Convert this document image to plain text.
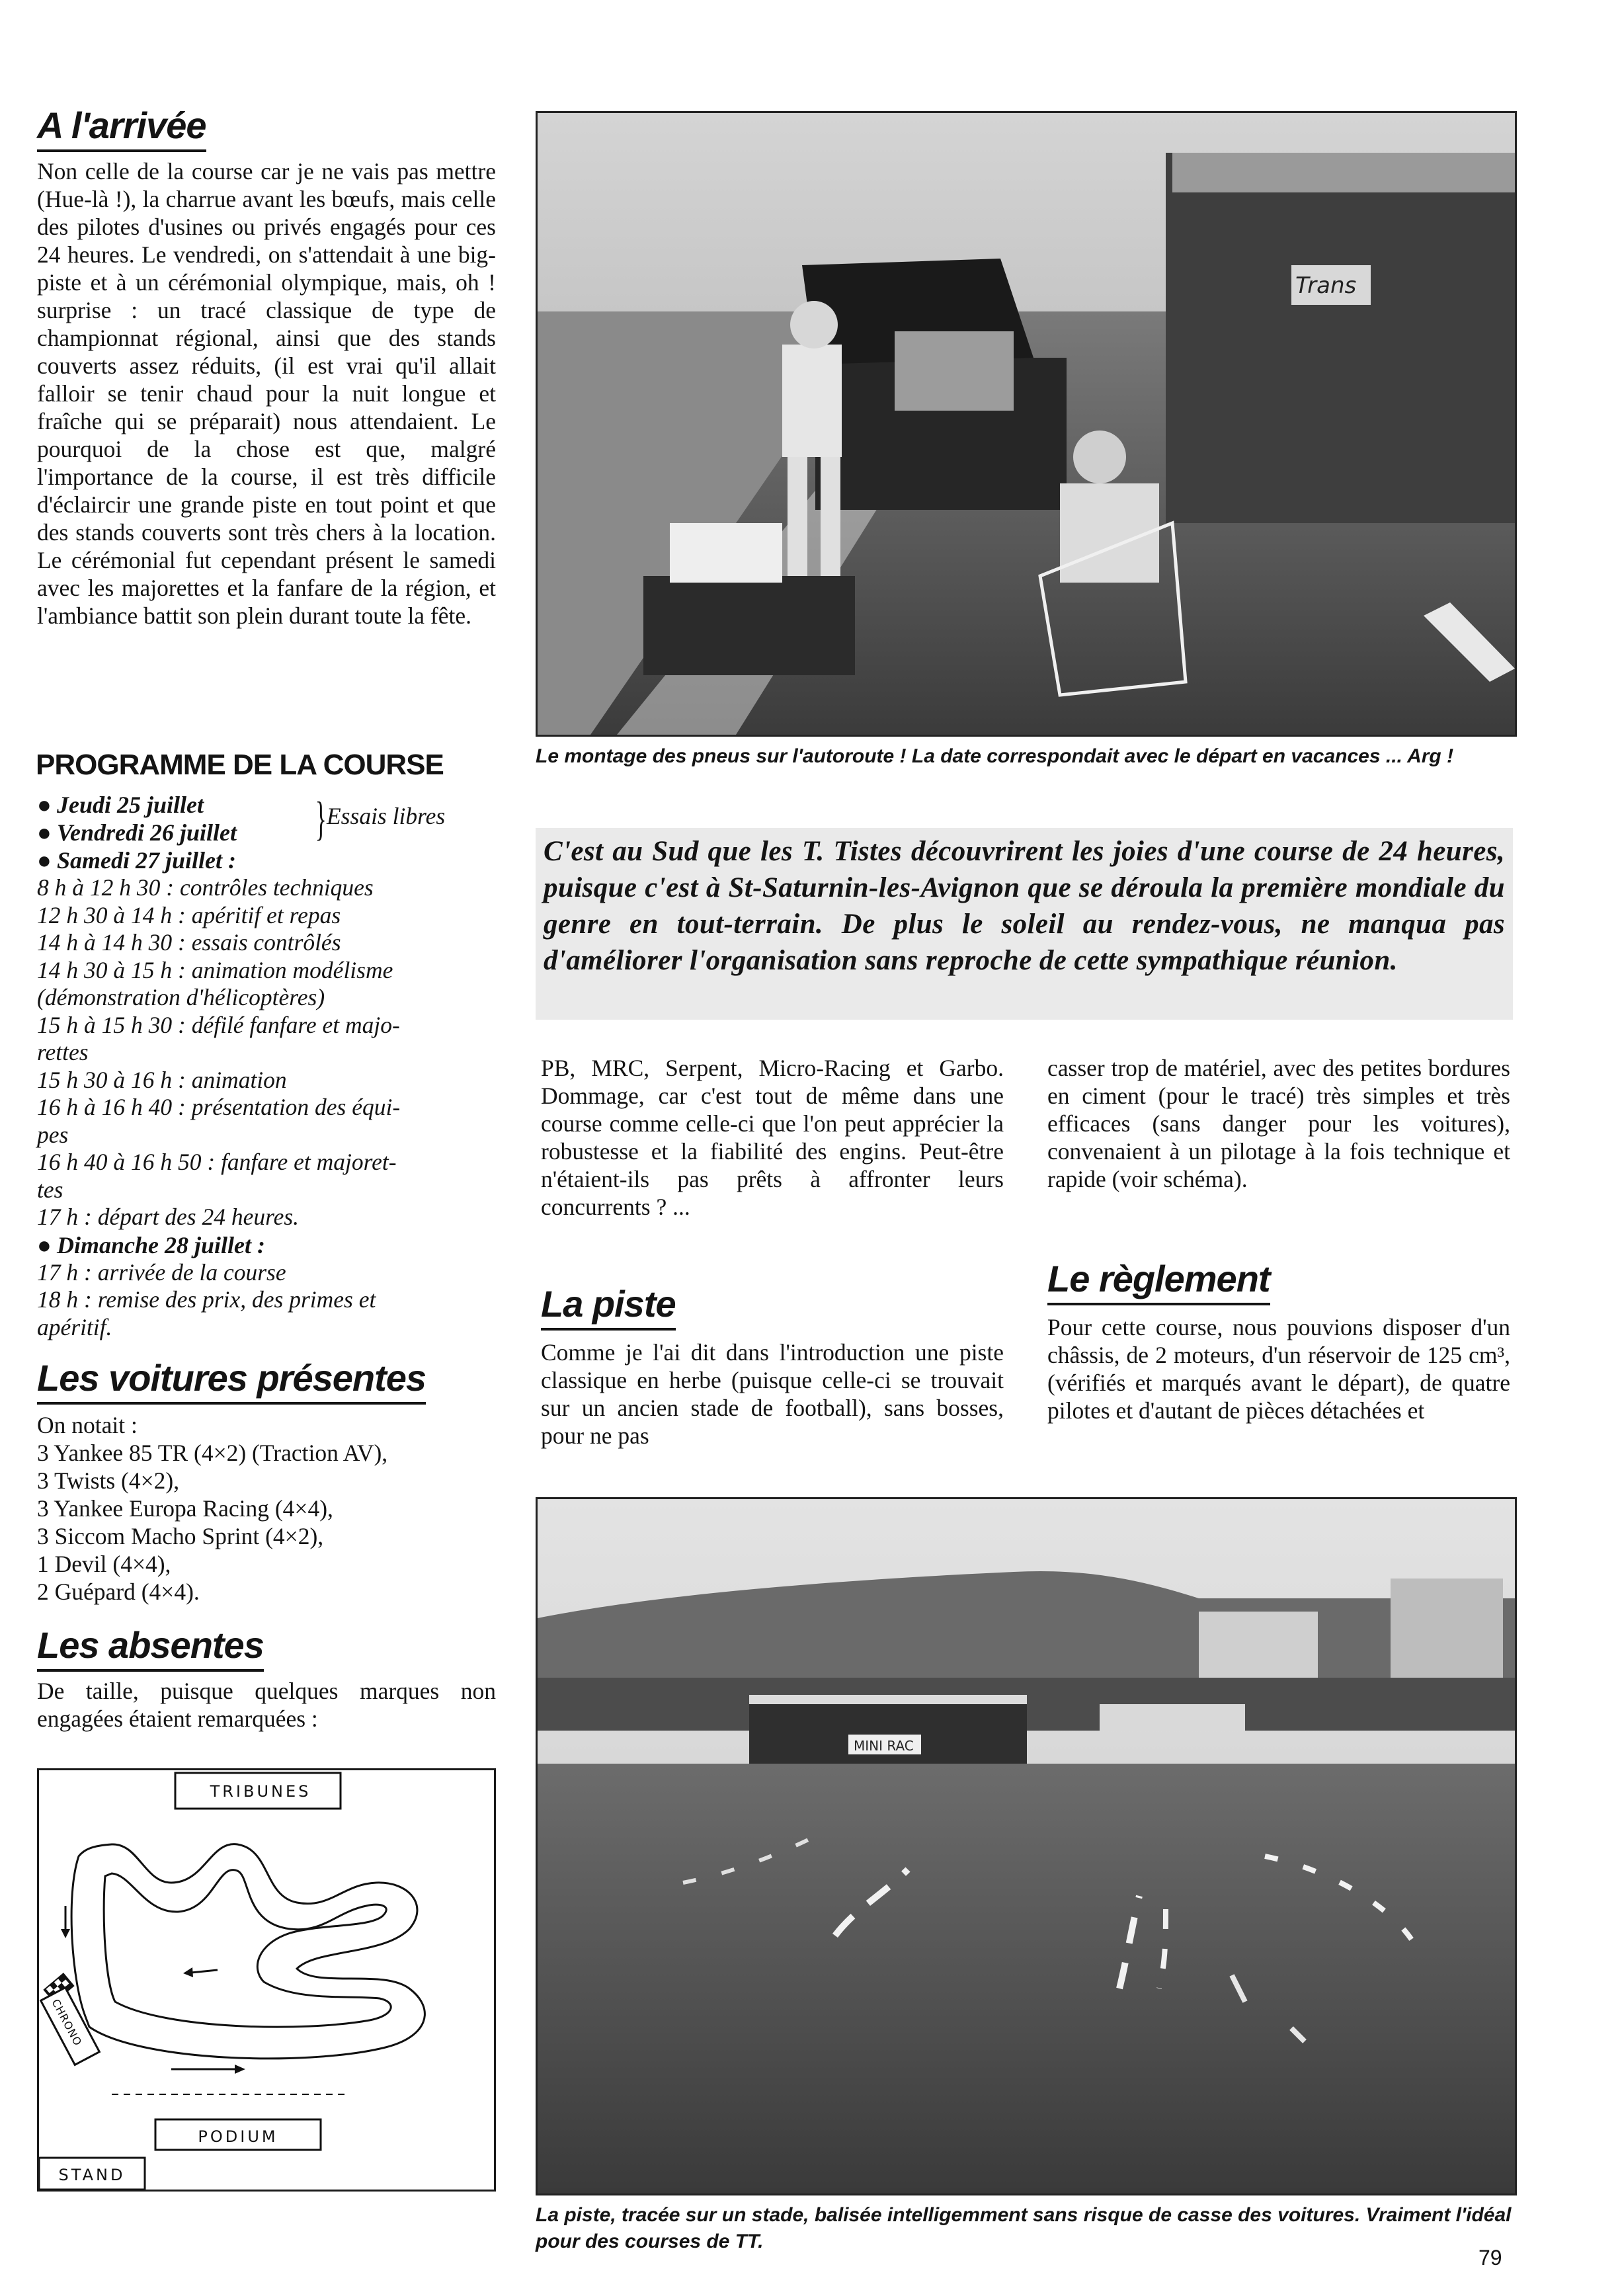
A l'arrivée

Non celle de la course car je ne vais pas mettre (Hue-là !), la charrue avant les bœufs, mais celle des pilotes d'usines ou privés engagés pour ces 24 heures. Le vendredi, on s'attendait à une big-piste et à un cérémonial olympique, mais, oh ! surprise : un tracé classique de type de championnat régional, ainsi que des stands couverts assez réduits, (il est vrai qu'il allait falloir se tenir chaud pour la nuit longue et fraîche qui se préparait) nous attendaient. Le pourquoi de la chose est que, malgré l'importance de la course, il est très difficile d'éclaircir une grande piste en tout point et que des stands couverts sont très chers à la location. Le cérémonial fut cependant présent le samedi avec les majorettes et la fanfare de la région, et l'ambiance battit son plein durant toute la fête.

PROGRAMME DE LA COURSE
● Jeudi 25 juillet
● Vendredi 26 juillet } Essais libres
● Samedi 27 juillet :

8 h à 12 h 30 : contrôles techniques

12 h 30 à 14 h : apéritif et repas

14 h à 14 h 30 : essais contrôlés

14 h 30 à 15 h : animation modélisme

(démonstration d'hélicoptères)

15 h à 15 h 30 : défilé fanfare et majo-

rettes

15 h 30 à 16 h : animation

16 h à 16 h 40 : présentation des équi-

pes

16 h 40 à 16 h 50 : fanfare et majoret-

tes

17 h : départ des 24 heures.

● Dimanche 28 juillet :

17 h : arrivée de la course

18 h : remise des prix, des primes et

apéritif.

Les voitures présentes

On notait :

3 Yankee 85 TR (4×2) (Traction AV),

3 Twists (4×2),

3 Yankee Europa Racing (4×4),

3 Siccom Macho Sprint (4×2),

1 Devil (4×4),

2 Guépard (4×4).

Les absentes

De taille, puisque quelques marques non engagées étaient remarquées :

TRIBUNES
CHRONO
PODIUM
STAND
Trans

Le montage des pneus sur l'autoroute ! La date correspondait avec le départ en vacances ... Arg !

C'est au Sud que les T. Tistes découvrirent les joies d'une course de 24 heures, puisque c'est à St-Saturnin-les-Avignon que se déroula la première mondiale du genre en tout-terrain. De plus le soleil au rendez-vous, ne manqua pas d'améliorer l'organisation sans reproche de cette sympathique réunion.

PB, MRC, Serpent, Micro-Racing et Garbo. Dommage, car c'est tout de même dans une course comme celle-ci que l'on peut apprécier la robustesse et la fiabilité des engins. Peut-être n'étaient-ils pas prêts à affronter leurs concurrents ? ...

La piste

Comme je l'ai dit dans l'introduction une piste classique en herbe (puisque celle-ci se trouvait sur un ancien stade de football), sans bosses, pour ne pas

casser trop de matériel, avec des petites bordures en ciment (pour le tracé) très simples et très efficaces (sans danger pour les voitures), convenaient à un pilotage à la fois technique et rapide (voir schéma).

Le règlement

Pour cette course, nous pouvions disposer d'un châssis, de 2 moteurs, d'un réservoir de 125 cm³, (vérifiés et marqués avant le départ), de quatre pilotes et d'autant de pièces détachées et

MINI RAC

La piste, tracée sur un stade, balisée intelligemment sans risque de casse des voitures. Vraiment l'idéal pour des courses de TT.

79
